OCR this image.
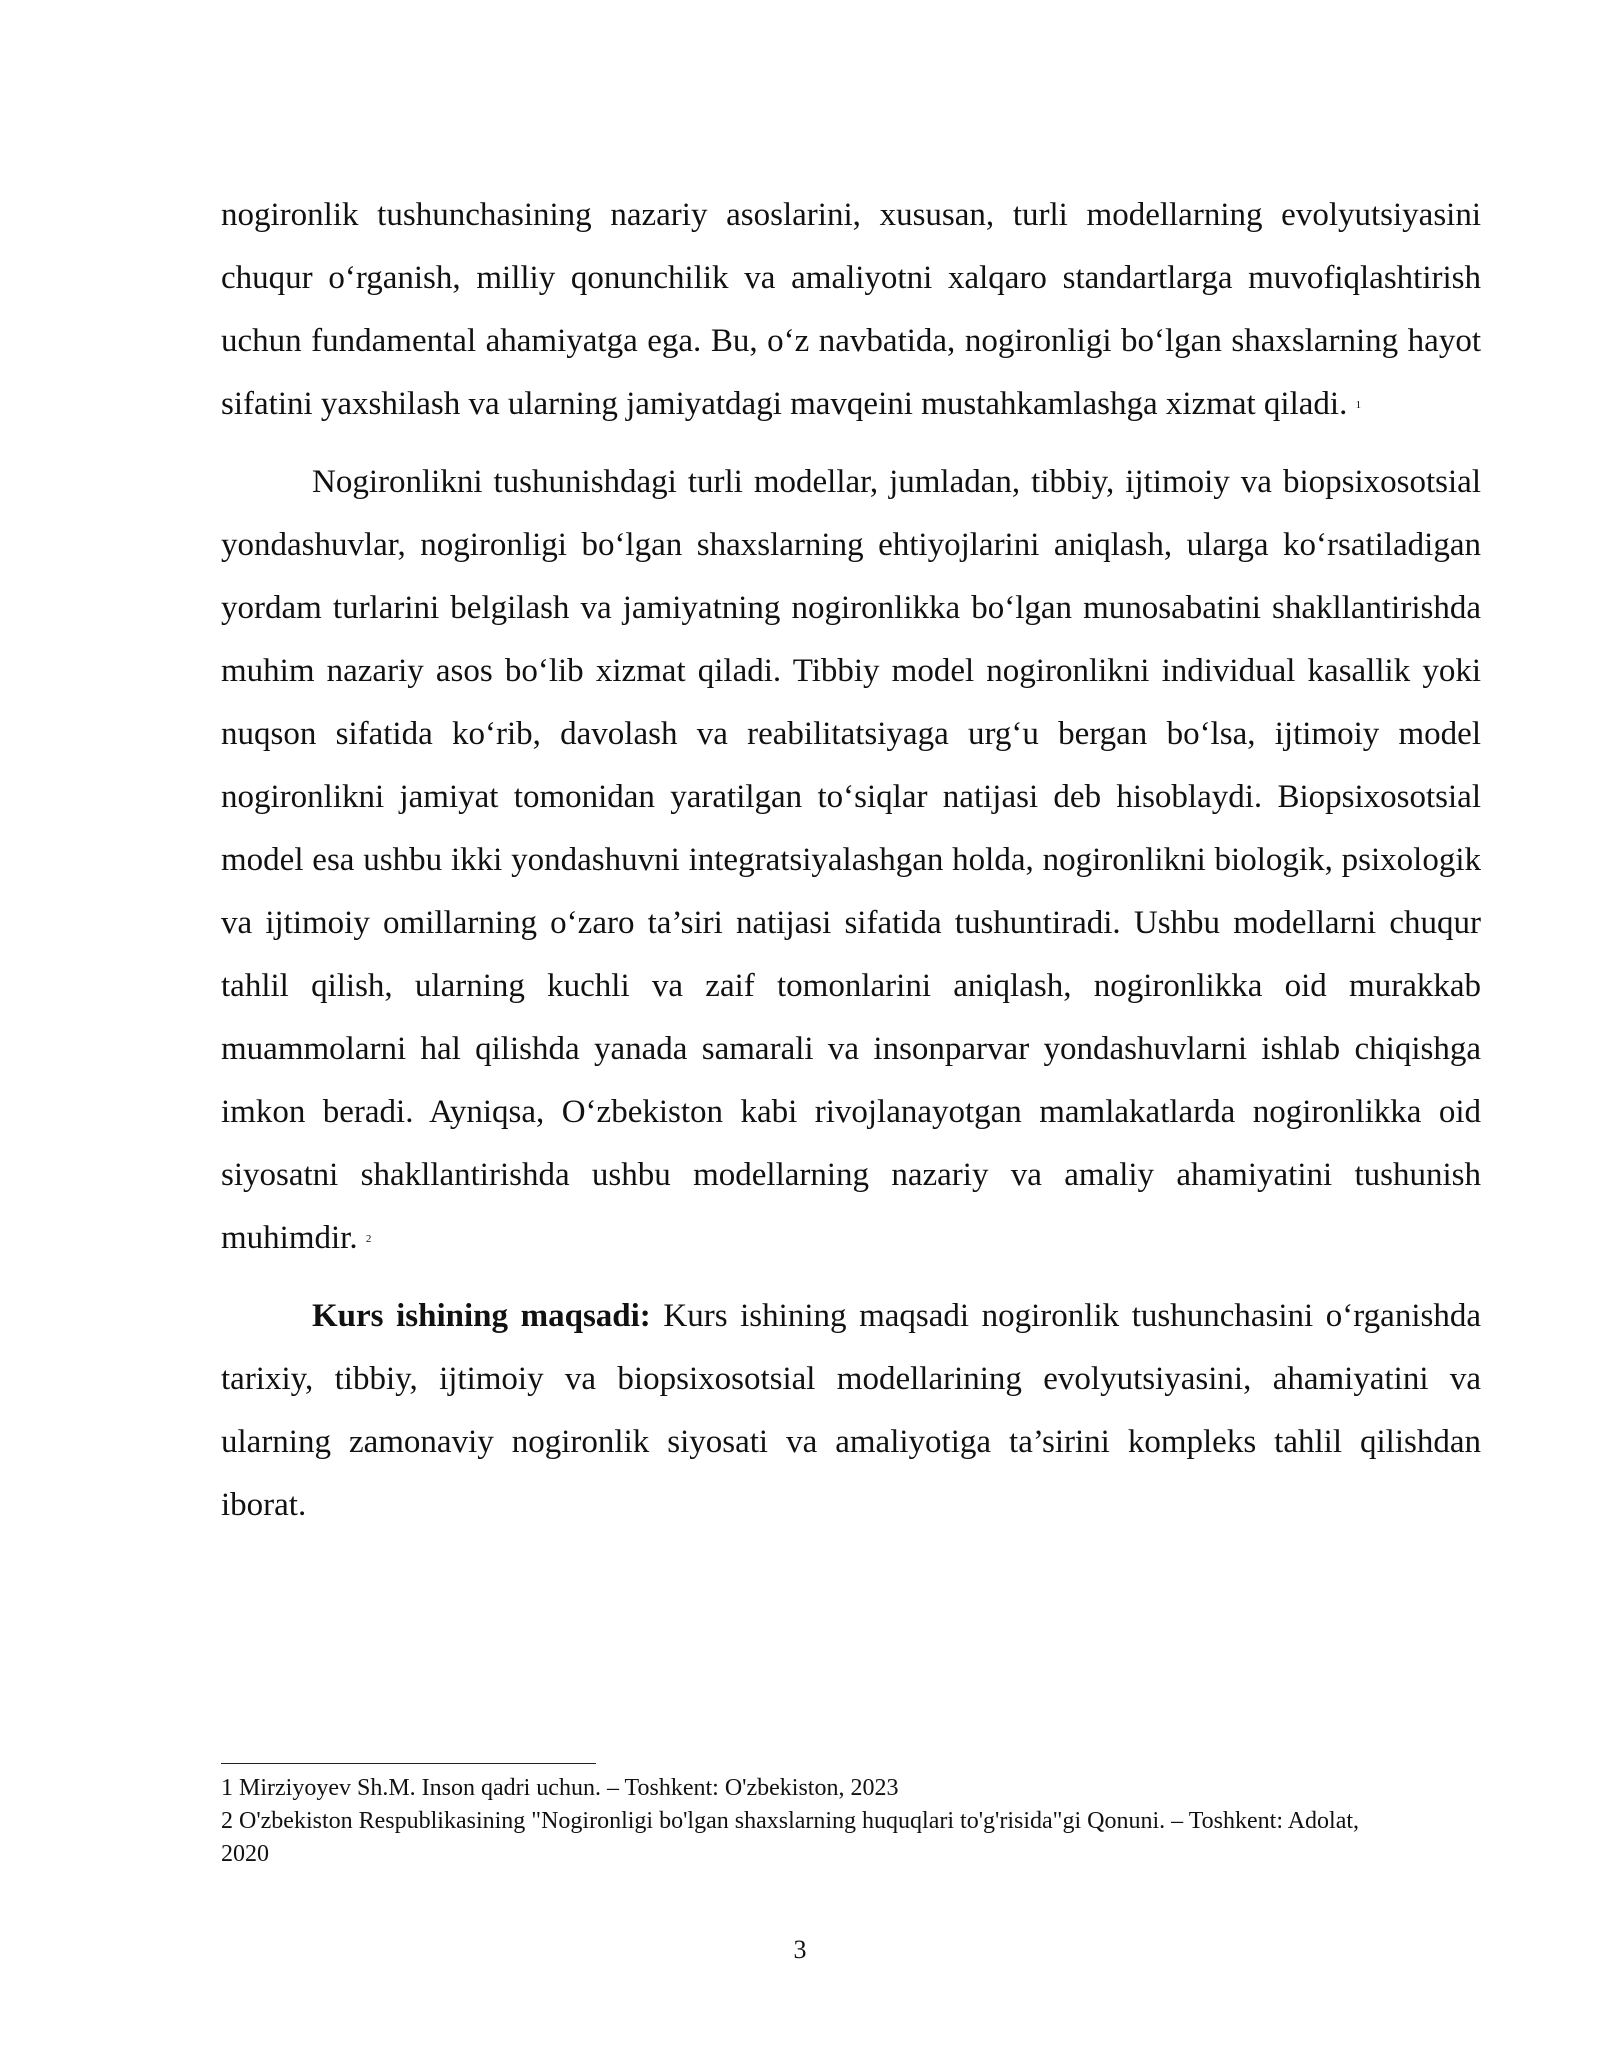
nogironlik tushunchasining nazariy asoslarini, xususan, turli modellarning evolyutsiyasini chuqur o‘rganish, milliy qonunchilik va amaliyotni xalqaro standartlarga muvofiqlashtirish uchun fundamental ahamiyatga ega. Bu, o‘z navbatida, nogironligi bo‘lgan shaxslarning hayot sifatini yaxshilash va ularning jamiyatdagi mavqeini mustahkamlashga xizmat qiladi. $^1$

Nogironlikni tushunishdagi turli modellar, jumladan, tibbiy, ijtimoiy va biopsixosotsial yondashuvlar, nogironligi bo‘lgan shaxslarning ehtiyojlarini aniqlash, ularga ko‘rsatiladigan yordam turlarini belgilash va jamiyatning nogironlikka bo‘lgan munosabatini shakllantirishda muhim nazariy asos bo‘lib xizmat qiladi. Tibbiy model nogironlikni individual kasallik yoki nuqson sifatida ko‘rib, davolash va reabilitatsiyaga urg‘u bergan bo‘lsa, ijtimoiy model nogironlikni jamiyat tomonidan yaratilgan to‘siqlar natijasi deb hisoblaydi. Biopsixosotsial model esa ushbu ikki yondashuvni integratsiyalashgan holda, nogironlikni biologik, psixologik va ijtimoiy omillarning o‘zaro ta’siri natijasi sifatida tushuntiradi. Ushbu modellarni chuqur tahlil qilish, ularning kuchli va zaif tomonlarini aniqlash, nogironlikka oid murakkab muammolarni hal qilishda yanada samarali va insonparvar yondashuvlarni ishlab chiqishga imkon beradi. Ayniqsa, O‘zbekiston kabi rivojlanayotgan mamlakatlarda nogironlikka oid siyosatni shakllantirishda ushbu modellarning nazariy va amaliy ahamiyatini tushunish muhimdir. $^2$

Kurs ishining maqsadi: Kurs ishining maqsadi nogironlik tushunchasini o‘rganishda tarixiy, tibbiy, ijtimoiy va biopsixosotsial modellarining evolyutsiyasini, ahamiyatini va ularning zamonaviy nogironlik siyosati va amaliyotiga ta’sirini kompleks tahlil qilishdan iborat.

1 Mirziyoyev Sh.M. Inson qadri uchun. – Toshkent: O'zbekiston, 2023

2 O'zbekiston Respublikasining "Nogironligi bo'lgan shaxslarning huquqlari to'g'risida"gi Qonuni. – Toshkent: Adolat, 2020

3
